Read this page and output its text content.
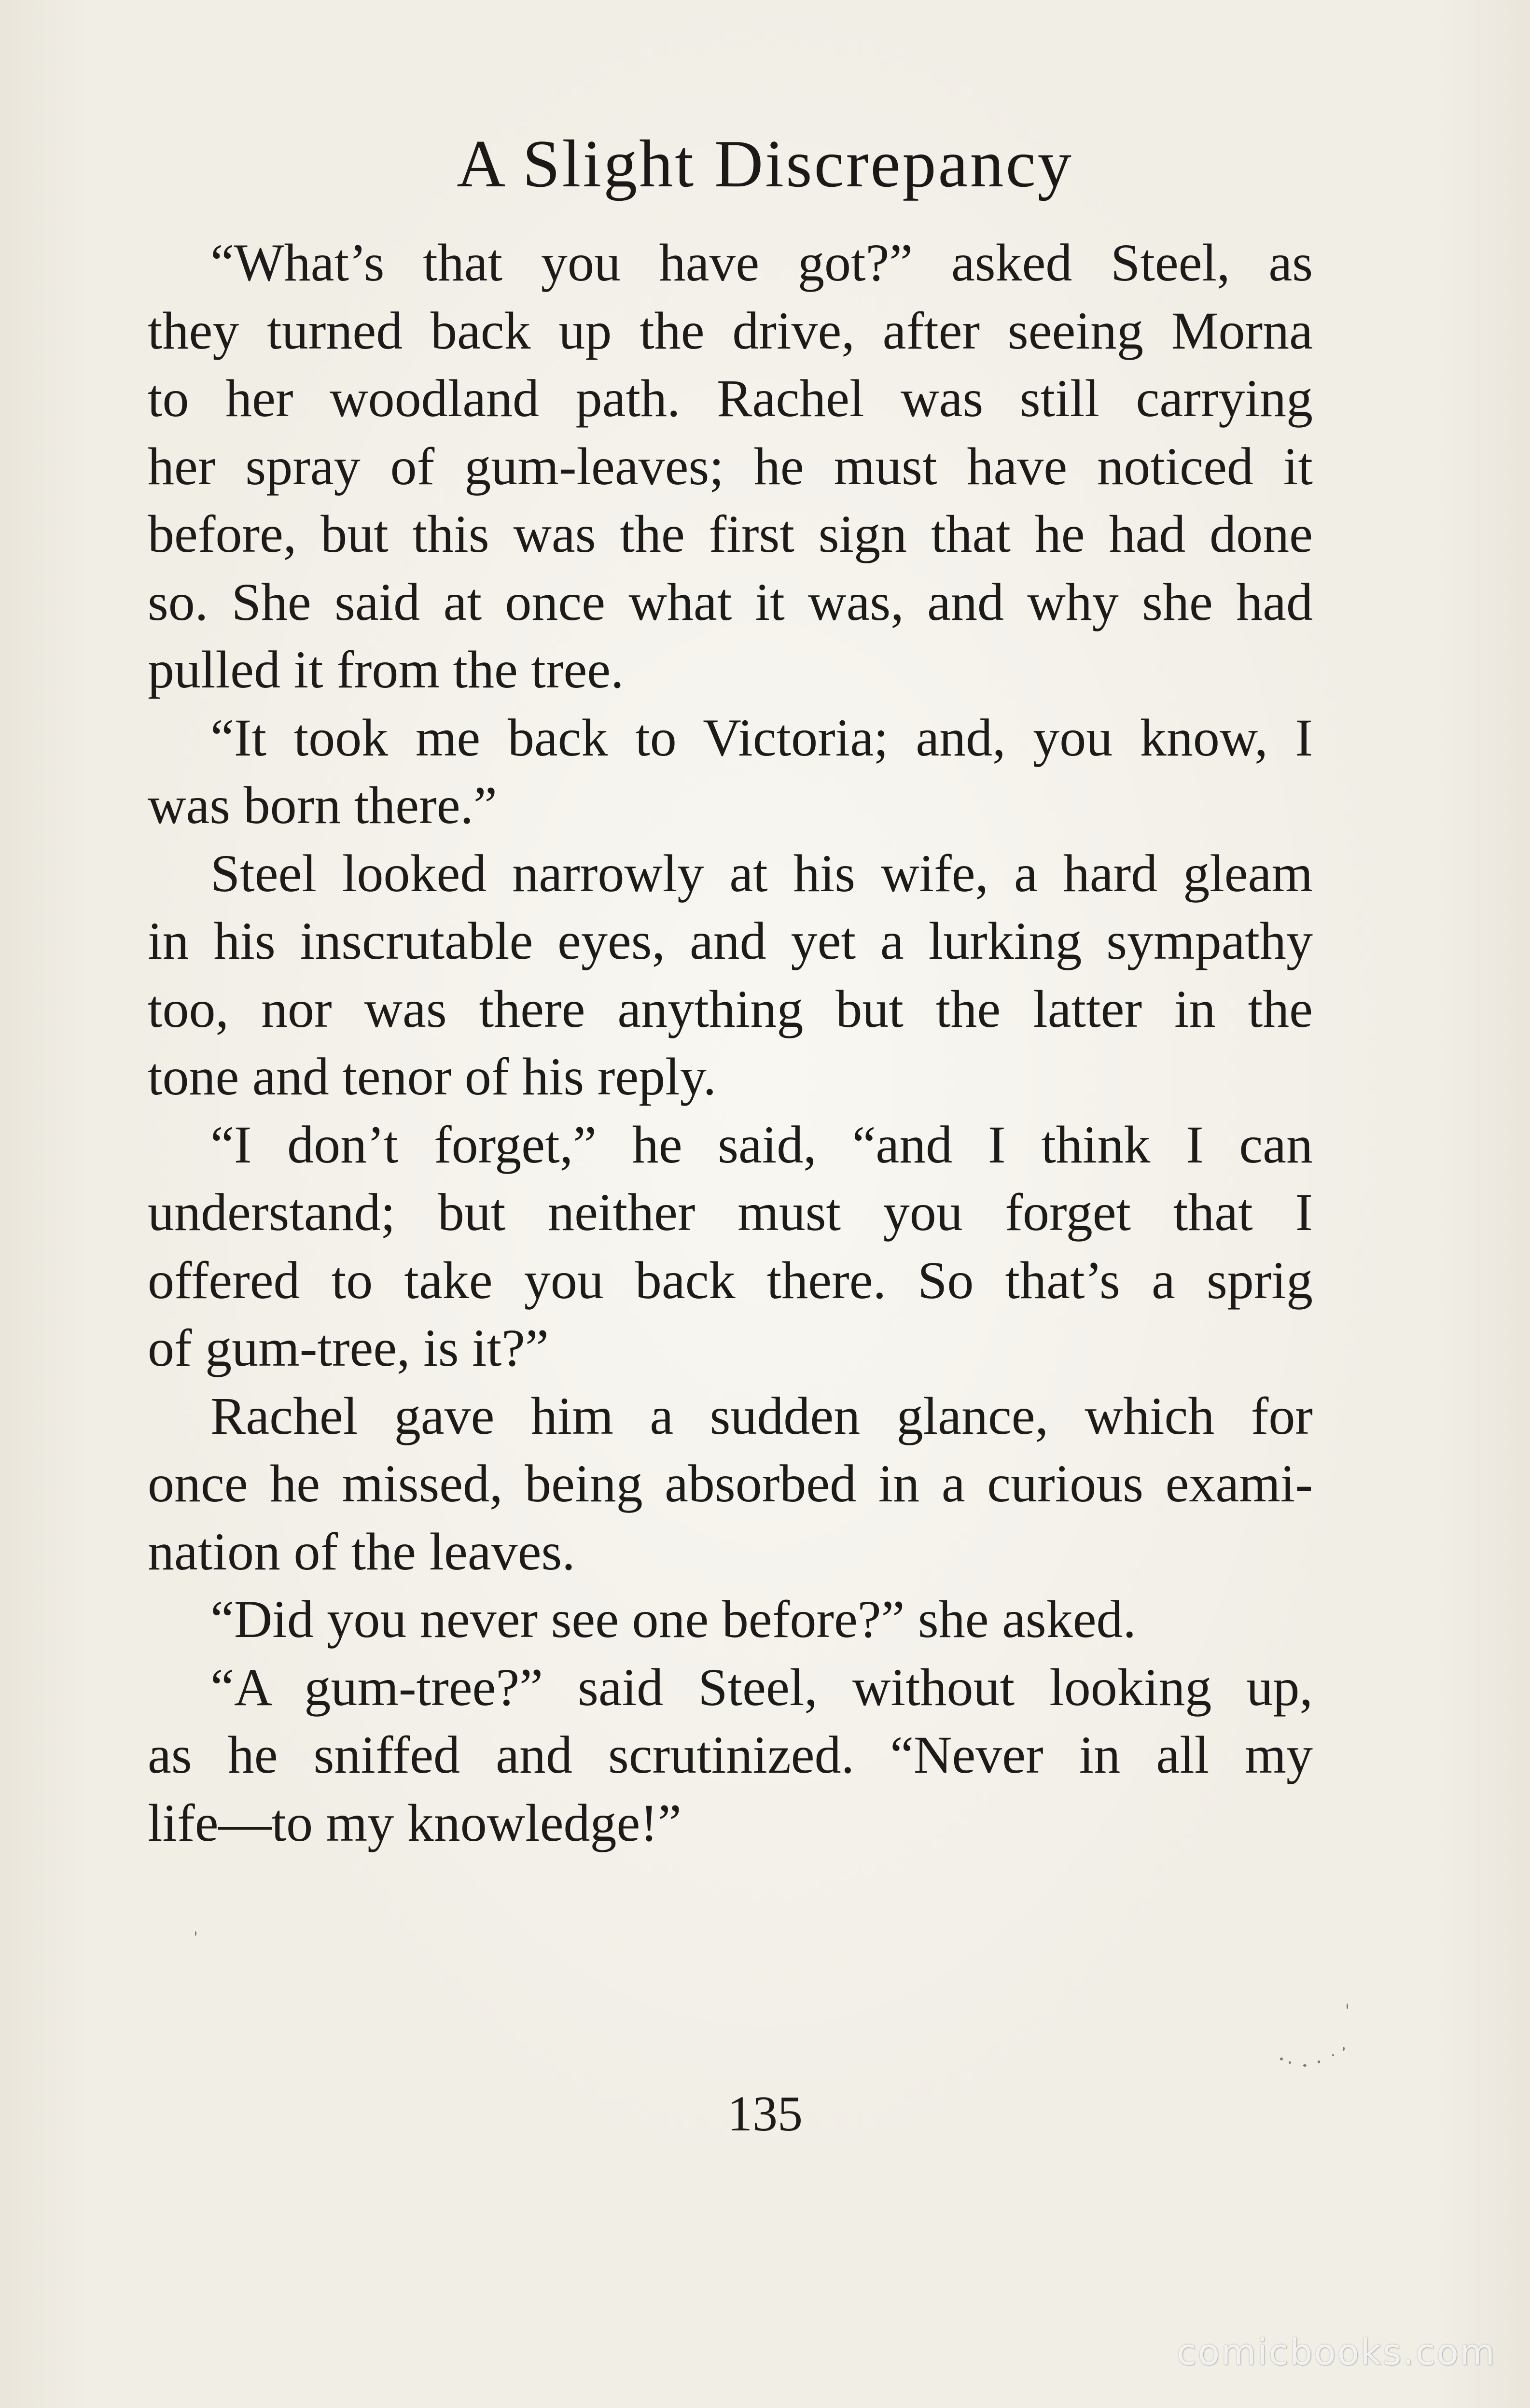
A Slight Discrepancy
“What’s that you have got?” asked Steel, as
they turned back up the drive, after seeing Morna
to her woodland path. Rachel was still carrying
her spray of gum-leaves; he must have noticed it
before, but this was the first sign that he had done
so. She said at once what it was, and why she had
pulled it from the tree.
“It took me back to Victoria; and, you know, I
was born there.”
Steel looked narrowly at his wife, a hard gleam
in his inscrutable eyes, and yet a lurking sympathy
too, nor was there anything but the latter in the
tone and tenor of his reply.
“I don’t forget,” he said, “and I think I can
understand; but neither must you forget that I
offered to take you back there. So that’s a sprig
of gum-tree, is it?”
Rachel gave him a sudden glance, which for
once he missed, being absorbed in a curious exami-
nation of the leaves.
“Did you never see one before?” she asked.
“A gum-tree?” said Steel, without looking up,
as he sniffed and scrutinized. “Never in all my
life—to my knowledge!”
135
comicbooks.com
